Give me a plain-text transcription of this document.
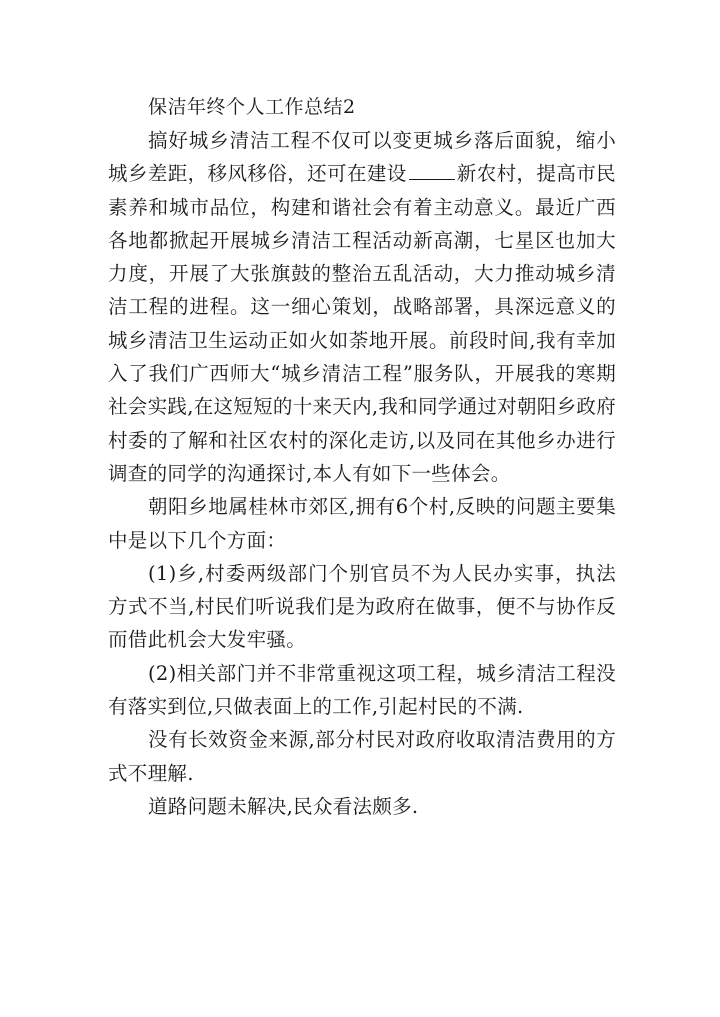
保洁年终个人工作总结2

搞好城乡清洁工程不仅可以变更城乡落后面貌，缩小城乡差距，移风移俗，还可在建设	新农村，提高市民素养和城市品位，构建和谐社会有着主动意义。最近广西各地都掀起开展城乡清洁工程活动新高潮，七星区也加大力度，开展了大张旗鼓的整治五乱活动，大力推动城乡清洁工程的进程。这一细心策划，战略部署，具深远意义的城乡清洁卫生运动正如火如荼地开展。前段时间,我有幸加入了我们广西师大“城乡清洁工程”服务队，开展我的寒期社会实践,在这短短的十来天内,我和同学通过对朝阳乡政府村委的了解和社区农村的深化走访,以及同在其他乡办进行调查的同学的沟通探讨,本人有如下一些体会。

朝阳乡地属桂林市郊区,拥有6个村,反映的问题主要集中是以下几个方面：

(1)乡,村委两级部门个别官员不为人民办实事，执法方式不当,村民们听说我们是为政府在做事，便不与协作反而借此机会大发牢骚。

(2)相关部门并不非常重视这项工程，城乡清洁工程没有落实到位,只做表面上的工作,引起村民的不满.

没有长效资金来源,部分村民对政府收取清洁费用的方式不理解.

道路问题未解决,民众看法颇多.
